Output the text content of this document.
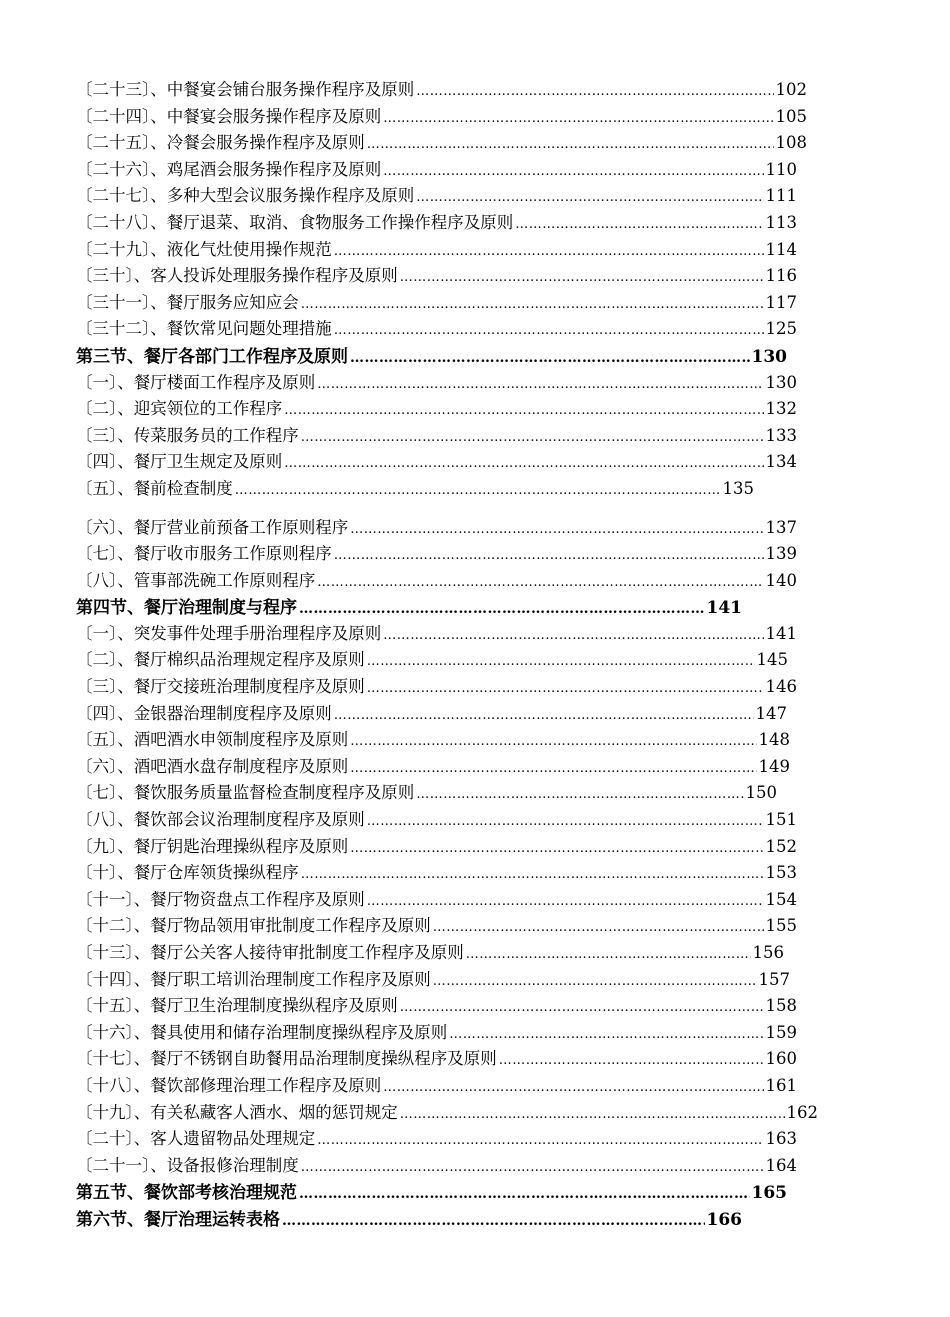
〔二十三〕、中餐宴会铺台服务操作程序及原则 ………………………………………………………………………………………………………………………………………………	102
〔二十四〕、中餐宴会服务操作程序及原则 ………………………………………………………………………………………………………………………………………………	105
〔二十五〕、冷餐会服务操作程序及原则 ………………………………………………………………………………………………………………………………………………	108
〔二十六〕、鸡尾酒会服务操作程序及原则 ………………………………………………………………………………………………………………………………………………	110
〔二十七〕、多种大型会议服务操作程序及原则 ………………………………………………………………………………………………………………………………………………	111
〔二十八〕、餐厅退菜、取消、食物服务工作操作程序及原则 ………………………………………………………………………………………………………………………………………………	113
〔二十九〕、液化气灶使用操作规范 ………………………………………………………………………………………………………………………………………………	114
〔三十〕、客人投诉处理服务操作程序及原则 ………………………………………………………………………………………………………………………………………………	116
〔三十一〕、餐厅服务应知应会 ………………………………………………………………………………………………………………………………………………	117
〔三十二〕、餐饮常见问题处理措施 ………………………………………………………………………………………………………………………………………………	125
第三节、餐厅各部门工作程序及原则 ………………………………………………………………………………………………………………………………………………	130
〔一〕、餐厅楼面工作程序及原则 ………………………………………………………………………………………………………………………………………………	130
〔二〕、迎宾领位的工作程序 ………………………………………………………………………………………………………………………………………………	132
〔三〕、传菜服务员的工作程序 ………………………………………………………………………………………………………………………………………………	133
〔四〕、餐厅卫生规定及原则 ………………………………………………………………………………………………………………………………………………	134
〔五〕、餐前检查制度 ………………………………………………………………………………………………………………………………………………	135
〔六〕、餐厅营业前预备工作原则程序 ………………………………………………………………………………………………………………………………………………	137
〔七〕、餐厅收市服务工作原则程序 ………………………………………………………………………………………………………………………………………………	139
〔八〕、管事部洗碗工作原则程序 ………………………………………………………………………………………………………………………………………………	140
第四节、餐厅治理制度与程序 ………………………………………………………………………………………………………………………………………………	141
〔一〕、突发事件处理手册治理程序及原则 ………………………………………………………………………………………………………………………………………………	141
〔二〕、餐厅棉织品治理规定程序及原则 ………………………………………………………………………………………………………………………………………………	145
〔三〕、餐厅交接班治理制度程序及原则 ………………………………………………………………………………………………………………………………………………	146
〔四〕、金银器治理制度程序及原则 ………………………………………………………………………………………………………………………………………………	147
〔五〕、酒吧酒水申领制度程序及原则 ………………………………………………………………………………………………………………………………………………	148
〔六〕、酒吧酒水盘存制度程序及原则 ………………………………………………………………………………………………………………………………………………	149
〔七〕、餐饮服务质量监督检查制度程序及原则 ………………………………………………………………………………………………………………………………………………	150
〔八〕、餐饮部会议治理制度程序及原则 ………………………………………………………………………………………………………………………………………………	151
〔九〕、餐厅钥匙治理操纵程序及原则 ………………………………………………………………………………………………………………………………………………	152
〔十〕、餐厅仓库领货操纵程序 ………………………………………………………………………………………………………………………………………………	153
〔十一〕、餐厅物资盘点工作程序及原则 ………………………………………………………………………………………………………………………………………………	154
〔十二〕、餐厅物品领用审批制度工作程序及原则 ………………………………………………………………………………………………………………………………………………	155
〔十三〕、餐厅公关客人接待审批制度工作程序及原则 ………………………………………………………………………………………………………………………………………………	156
〔十四〕、餐厅职工培训治理制度工作程序及原则 ………………………………………………………………………………………………………………………………………………	157
〔十五〕、餐厅卫生治理制度操纵程序及原则 ………………………………………………………………………………………………………………………………………………	158
〔十六〕、餐具使用和储存治理制度操纵程序及原则 ………………………………………………………………………………………………………………………………………………	159
〔十七〕、餐厅不锈钢自助餐用品治理制度操纵程序及原则 ………………………………………………………………………………………………………………………………………………	160
〔十八〕、餐饮部修理治理工作程序及原则 ………………………………………………………………………………………………………………………………………………	161
〔十九〕、有关私藏客人酒水、烟的惩罚规定 ………………………………………………………………………………………………………………………………………………	162
〔二十〕、客人遗留物品处理规定 ………………………………………………………………………………………………………………………………………………	163
〔二十一〕、设备报修治理制度 ………………………………………………………………………………………………………………………………………………	164
第五节、餐饮部考核治理规范 ………………………………………………………………………………………………………………………………………………	165
第六节、餐厅治理运转表格 ………………………………………………………………………………………………………………………………………………	166
